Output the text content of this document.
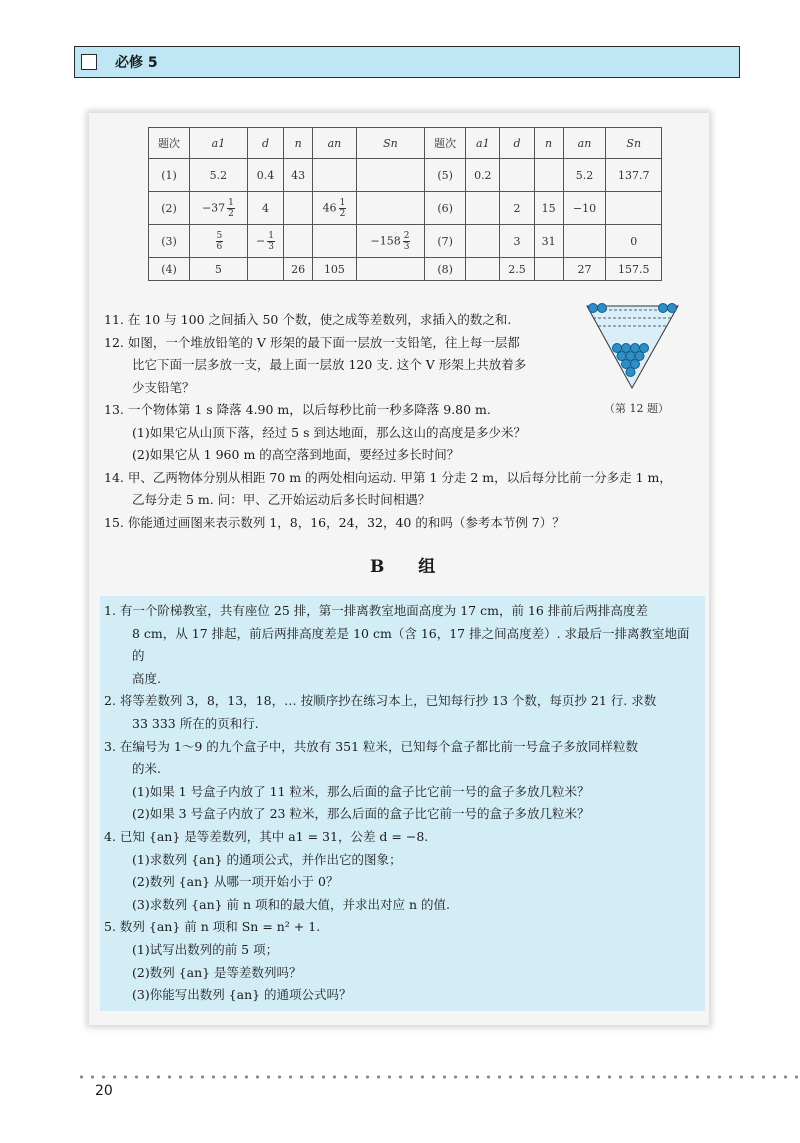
必修 5
题次	a1	d	n	an	Sn	题次	a1	d	n	an	Sn
(1)	5.2	0.4	43			(5)	0.2			5.2	137.7
(2)	$-37 \frac{1}{2}$	4		$46 \frac{1}{2}$		(6)		2	15	−10	
(3)	$\frac{5}{6}$	− $\frac{1}{3}$			$-158 \frac{2}{3}$	(7)		3	31		0
(4)	5		26	105		(8)		2.5		27	157.5

11. 在 10 与 100 之间插入 50 个数，使之成等差数列，求插入的数之和.

12. 如图，一个堆放铅笔的 V 形架的最下面一层放一支铅笔，往上每一层都

比它下面一层多放一支，最上面一层放 120 支. 这个 V 形架上共放着多

少支铅笔？

13. 一个物体第 1 s 降落 4.90 m，以后每秒比前一秒多降落 9.80 m.

(1)如果它从山顶下落，经过 5 s 到达地面，那么这山的高度是多少米？

(2)如果它从 1 960 m 的高空落到地面，要经过多长时间？

14. 甲、乙两物体分别从相距 70 m 的两处相向运动. 甲第 1 分走 2 m，以后每分比前一分多走 1 m，

乙每分走 5 m. 问：甲、乙开始运动后多长时间相遇？

15. 你能通过画图来表示数列 1，8，16，24，32，40 的和吗（参考本节例 7）？

（第 12 题）
B 组

1. 有一个阶梯教室，共有座位 25 排，第一排离教室地面高度为 17 cm，前 16 排前后两排高度差

8 cm，从 17 排起，前后两排高度差是 10 cm（含 16，17 排之间高度差）. 求最后一排离教室地面的

高度.

2. 将等差数列 3，8，13，18，… 按顺序抄在练习本上，已知每行抄 13 个数，每页抄 21 行. 求数

33 333 所在的页和行.

3. 在编号为 1～9 的九个盒子中，共放有 351 粒米，已知每个盒子都比前一号盒子多放同样粒数

的米.

(1)如果 1 号盒子内放了 11 粒米，那么后面的盒子比它前一号的盒子多放几粒米？

(2)如果 3 号盒子内放了 23 粒米，那么后面的盒子比它前一号的盒子多放几粒米？

4. 已知 {an} 是等差数列，其中 a1 = 31，公差 d = −8.

(1)求数列 {an} 的通项公式，并作出它的图象；

(2)数列 {an} 从哪一项开始小于 0？

(3)求数列 {an} 前 n 项和的最大值，并求出对应 n 的值.

5. 数列 {an} 前 n 项和 Sn = n² + 1.

(1)试写出数列的前 5 项；

(2)数列 {an} 是等差数列吗？

(3)你能写出数列 {an} 的通项公式吗？

20
